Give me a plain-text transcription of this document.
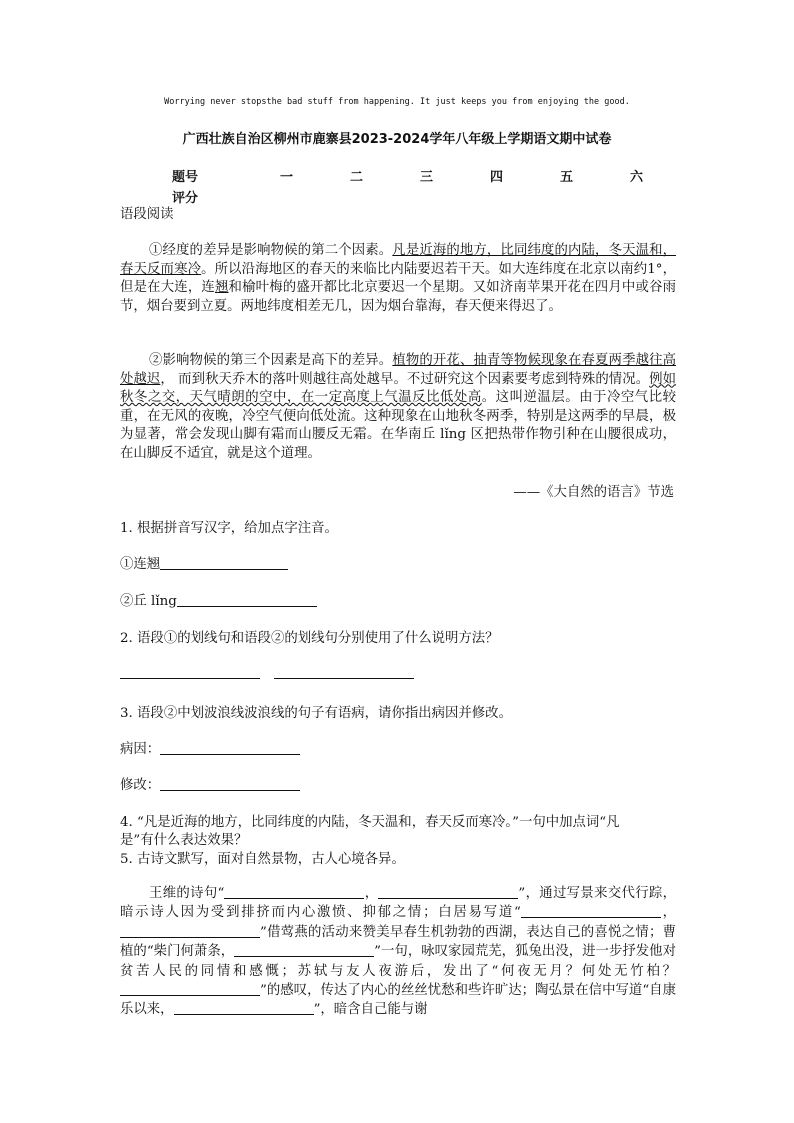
Worrying never stopsthe bad stuff from happening. It just keeps you from enjoying the good.
广西壮族自治区柳州市鹿寨县2023-2024学年八年级上学期语文期中试卷
题号	一	二	三	四	五	六
评分
语段阅读
①经度的差异是影响物候的第二个因素。凡是近海的地方，比同纬度的内陆，冬天温和，春天反而寒冷。所以沿海地区的春天的来临比内陆要迟若干天。如大连纬度在北京以南约1°，但是在大连，连翘和榆叶梅的盛开都比北京要迟一个星期。又如济南苹果开花在四月中或谷雨节，烟台要到立夏。两地纬度相差无几，因为烟台靠海，春天便来得迟了。
②影响物候的第三个因素是高下的差异。植物的开花、抽青等物候现象在春夏两季越往高处越迟， 而到秋天乔木的落叶则越往高处越早。不过研究这个因素要考虑到特殊的情况。例如秋冬之交，天气晴朗的空中，在一定高度上气温反比低处高。这叫逆温层。由于冷空气比较重，在无风的夜晚，冷空气便向低处流。这种现象在山地秋冬两季，特别是这两季的早晨，极为显著，常会发现山脚有霜而山腰反无霜。在华南丘 lǐng 区把热带作物引种在山腰很成功，在山脚反不适宜，就是这个道理。
——《大自然的语言》节选
1. 根据拼音写汉字，给加点字注音。
①连翘
②丘 lǐng
2. 语段①的划线句和语段②的划线句分别使用了什么说明方法？
3. 语段②中划波浪线波浪线的句子有语病，请你指出病因并修改。
病因：
修改：
4. “凡是近海的地方，比同纬度的内陆，冬天温和，春天反而寒冷。”一句中加点词“凡
是”有什么表达效果？
5. 古诗文默写，面对自然景物，古人心境各异。
王维的诗句“	，	”，通过写景来交代行踪，暗示诗人因为受到排挤而内心激愤、抑郁之情；白居易写道“	，”借莺燕的活动来赞美早春生机勃勃的西湖，表达自己的喜悦之情；曹植的“柴门何萧条，	”一句，咏叹家园荒芜，狐兔出没，进一步抒发他对贫苦人民的同情和感慨；苏轼与友人夜游后，发出了“何夜无月？何处无竹柏？”的感叹，传达了内心的丝丝忧愁和些许旷达；陶弘景在信中写道“自康乐以来，	”，暗含自己能与谢
